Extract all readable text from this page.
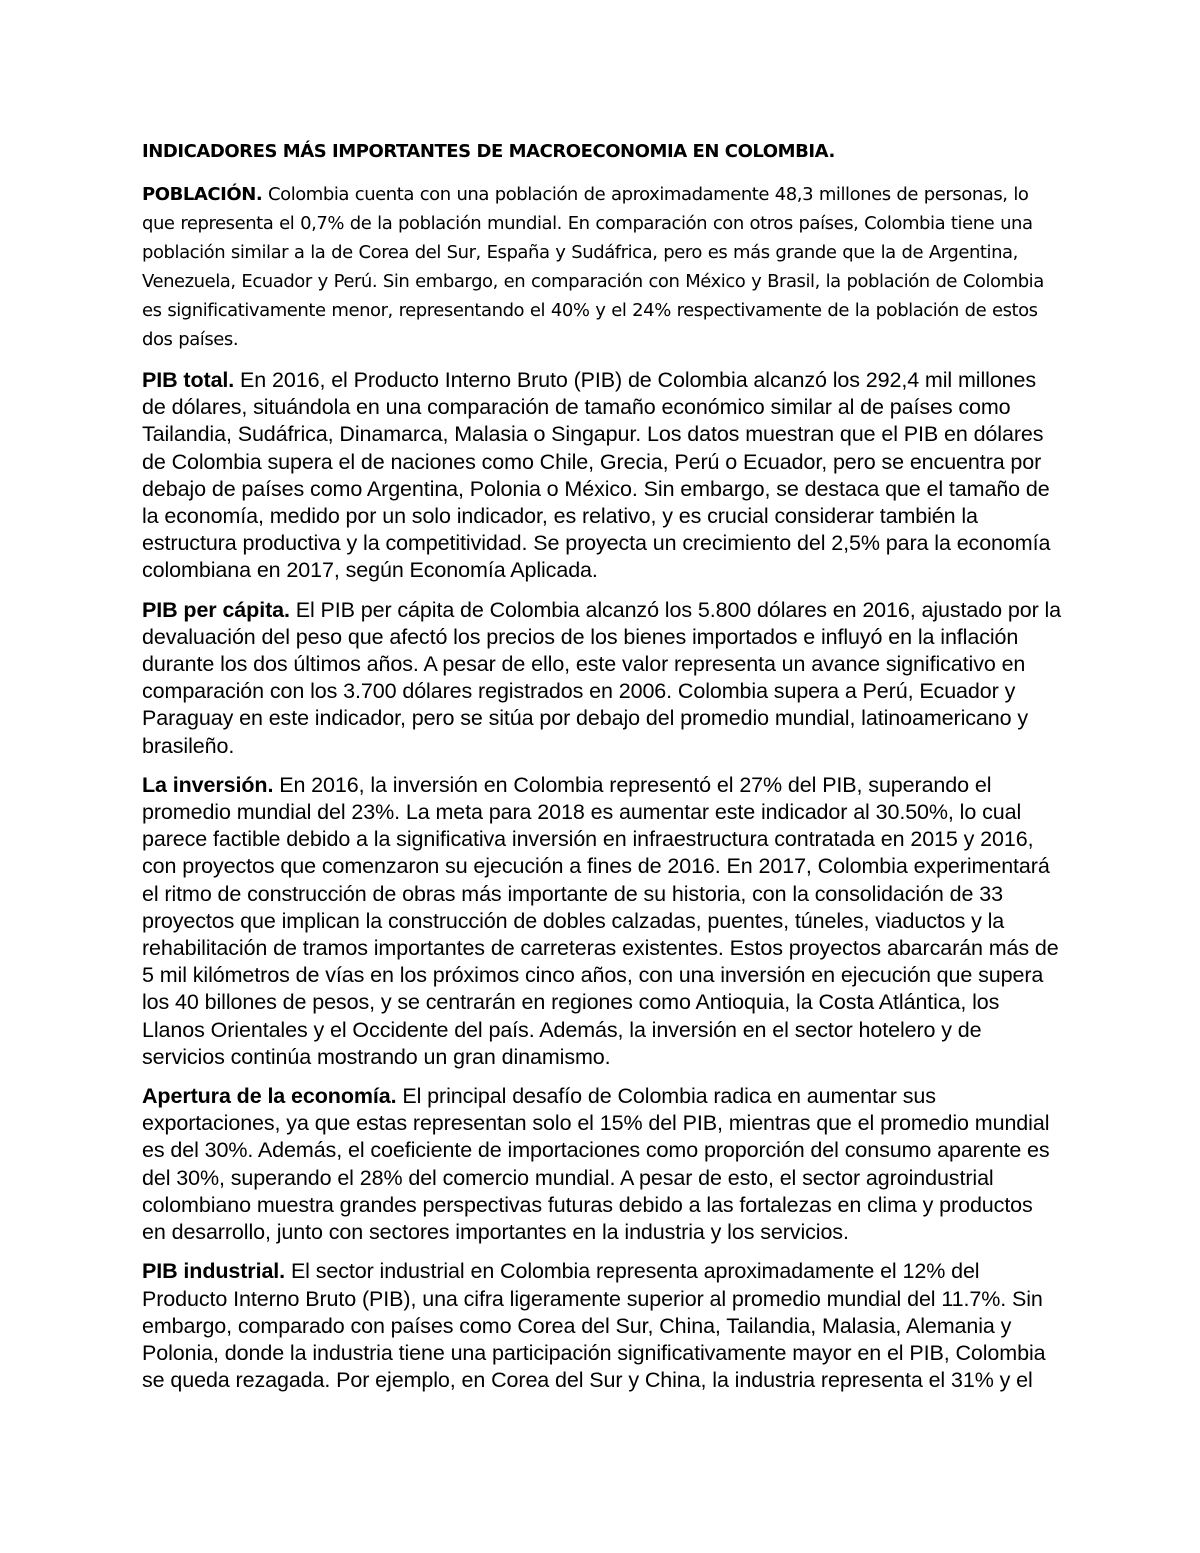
INDICADORES MÁS IMPORTANTES DE MACROECONOMIA EN COLOMBIA.

POBLACIÓN. Colombia cuenta con una población de aproximadamente 48,3 millones de personas, lo que representa el 0,7% de la población mundial. En comparación con otros países, Colombia tiene una población similar a la de Corea del Sur, España y Sudáfrica, pero es más grande que la de Argentina, Venezuela, Ecuador y Perú. Sin embargo, en comparación con México y Brasil, la población de Colombia es significativamente menor, representando el 40% y el 24% respectivamente de la población de estos dos países.

PIB total. En 2016, el Producto Interno Bruto (PIB) de Colombia alcanzó los 292,4 mil millones de dólares, situándola en una comparación de tamaño económico similar al de países como Tailandia, Sudáfrica, Dinamarca, Malasia o Singapur. Los datos muestran que el PIB en dólares de Colombia supera el de naciones como Chile, Grecia, Perú o Ecuador, pero se encuentra por debajo de países como Argentina, Polonia o México. Sin embargo, se destaca que el tamaño de la economía, medido por un solo indicador, es relativo, y es crucial considerar también la estructura productiva y la competitividad. Se proyecta un crecimiento del 2,5% para la economía colombiana en 2017, según Economía Aplicada.

PIB per cápita. El PIB per cápita de Colombia alcanzó los 5.800 dólares en 2016, ajustado por la devaluación del peso que afectó los precios de los bienes importados e influyó en la inflación durante los dos últimos años. A pesar de ello, este valor representa un avance significativo en comparación con los 3.700 dólares registrados en 2006. Colombia supera a Perú, Ecuador y Paraguay en este indicador, pero se sitúa por debajo del promedio mundial, latinoamericano y brasileño.

La inversión. En 2016, la inversión en Colombia representó el 27% del PIB, superando el promedio mundial del 23%. La meta para 2018 es aumentar este indicador al 30.50%, lo cual parece factible debido a la significativa inversión en infraestructura contratada en 2015 y 2016, con proyectos que comenzaron su ejecución a fines de 2016. En 2017, Colombia experimentará el ritmo de construcción de obras más importante de su historia, con la consolidación de 33 proyectos que implican la construcción de dobles calzadas, puentes, túneles, viaductos y la rehabilitación de tramos importantes de carreteras existentes. Estos proyectos abarcarán más de 5 mil kilómetros de vías en los próximos cinco años, con una inversión en ejecución que supera los 40 billones de pesos, y se centrarán en regiones como Antioquia, la Costa Atlántica, los Llanos Orientales y el Occidente del país. Además, la inversión en el sector hotelero y de servicios continúa mostrando un gran dinamismo.

Apertura de la economía. El principal desafío de Colombia radica en aumentar sus exportaciones, ya que estas representan solo el 15% del PIB, mientras que el promedio mundial es del 30%. Además, el coeficiente de importaciones como proporción del consumo aparente es del 30%, superando el 28% del comercio mundial. A pesar de esto, el sector agroindustrial colombiano muestra grandes perspectivas futuras debido a las fortalezas en clima y productos en desarrollo, junto con sectores importantes en la industria y los servicios.

PIB industrial. El sector industrial en Colombia representa aproximadamente el 12% del Producto Interno Bruto (PIB), una cifra ligeramente superior al promedio mundial del 11.7%. Sin embargo, comparado con países como Corea del Sur, China, Tailandia, Malasia, Alemania y Polonia, donde la industria tiene una participación significativamente mayor en el PIB, Colombia se queda rezagada. Por ejemplo, en Corea del Sur y China, la industria representa el 31% y el
